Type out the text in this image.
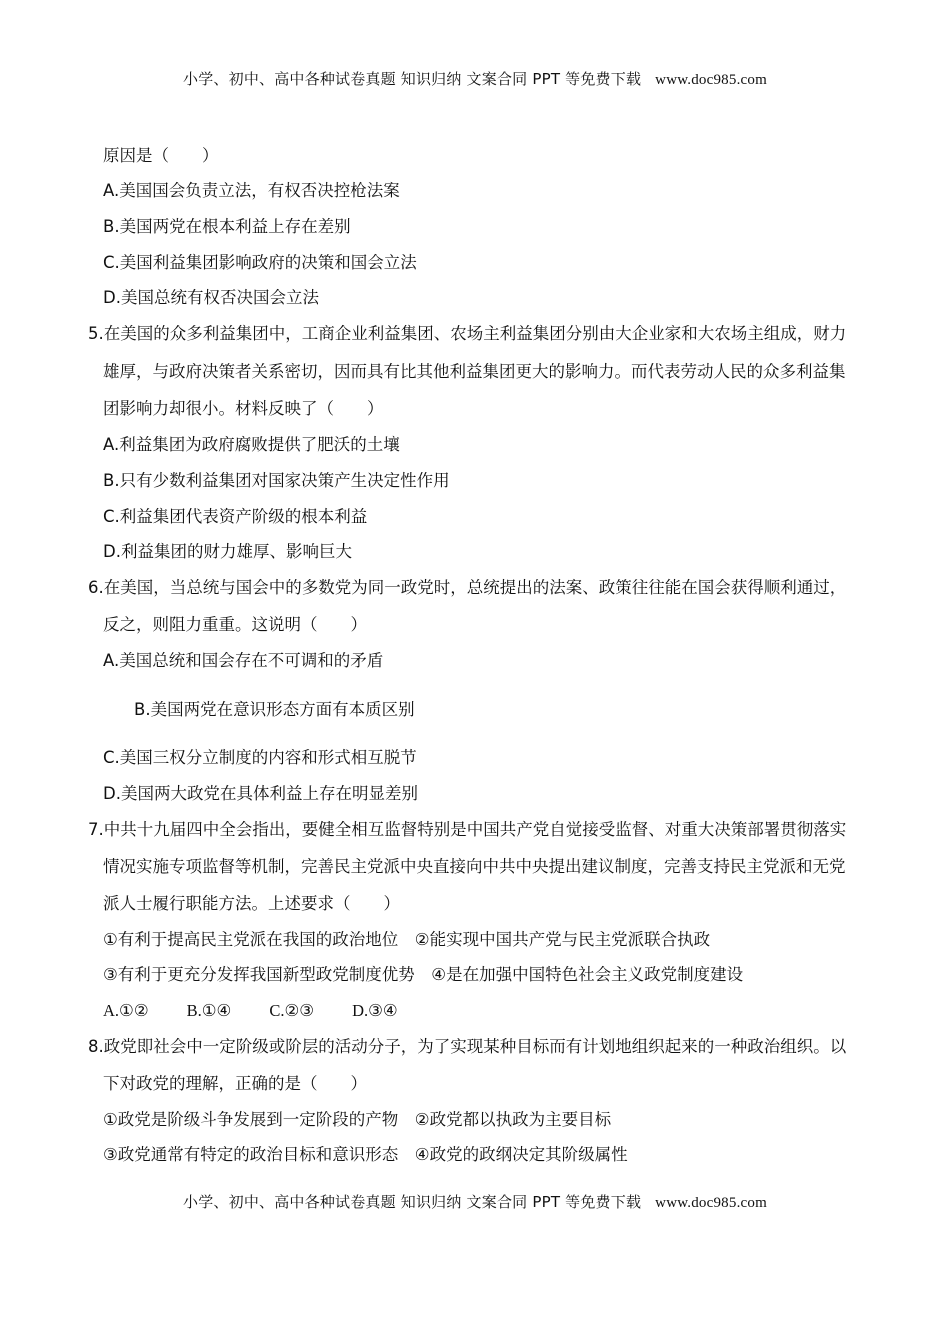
小学、初中、高中各种试卷真题 知识归纳 文案合同 PPT 等免费下载 www.doc985.com
原因是（　　）
A.美国国会负责立法，有权否决控枪法案
B.美国两党在根本利益上存在差别
C.美国利益集团影响政府的决策和国会立法
D.美国总统有权否决国会立法
5.在美国的众多利益集团中，工商企业利益集团、农场主利益集团分别由大企业家和大农场主组成，财力
雄厚，与政府决策者关系密切，因而具有比其他利益集团更大的影响力。而代表劳动人民的众多利益集
团影响力却很小。材料反映了（　　）
A.利益集团为政府腐败提供了肥沃的土壤
B.只有少数利益集团对国家决策产生决定性作用
C.利益集团代表资产阶级的根本利益
D.利益集团的财力雄厚、影响巨大
6.在美国，当总统与国会中的多数党为同一政党时，总统提出的法案、政策往往能在国会获得顺利通过，
反之，则阻力重重。这说明（　　）
A.美国总统和国会存在不可调和的矛盾
B.美国两党在意识形态方面有本质区别
C.美国三权分立制度的内容和形式相互脱节
D.美国两大政党在具体利益上存在明显差别
7.中共十九届四中全会指出，要健全相互监督特别是中国共产党自觉接受监督、对重大决策部署贯彻落实
情况实施专项监督等机制，完善民主党派中央直接向中共中央提出建议制度，完善支持民主党派和无党
派人士履行职能方法。上述要求（　　）
①有利于提高民主党派在我国的政治地位　②能实现中国共产党与民主党派联合执政
③有利于更充分发挥我国新型政党制度优势　④是在加强中国特色社会主义政党制度建设
A.①② B.①④ C.②③ D.③④
8.政党即社会中一定阶级或阶层的活动分子，为了实现某种目标而有计划地组织起来的一种政治组织。以
下对政党的理解，正确的是（　　）
①政党是阶级斗争发展到一定阶段的产物　②政党都以执政为主要目标
③政党通常有特定的政治目标和意识形态　④政党的政纲决定其阶级属性
小学、初中、高中各种试卷真题 知识归纳 文案合同 PPT 等免费下载 www.doc985.com
